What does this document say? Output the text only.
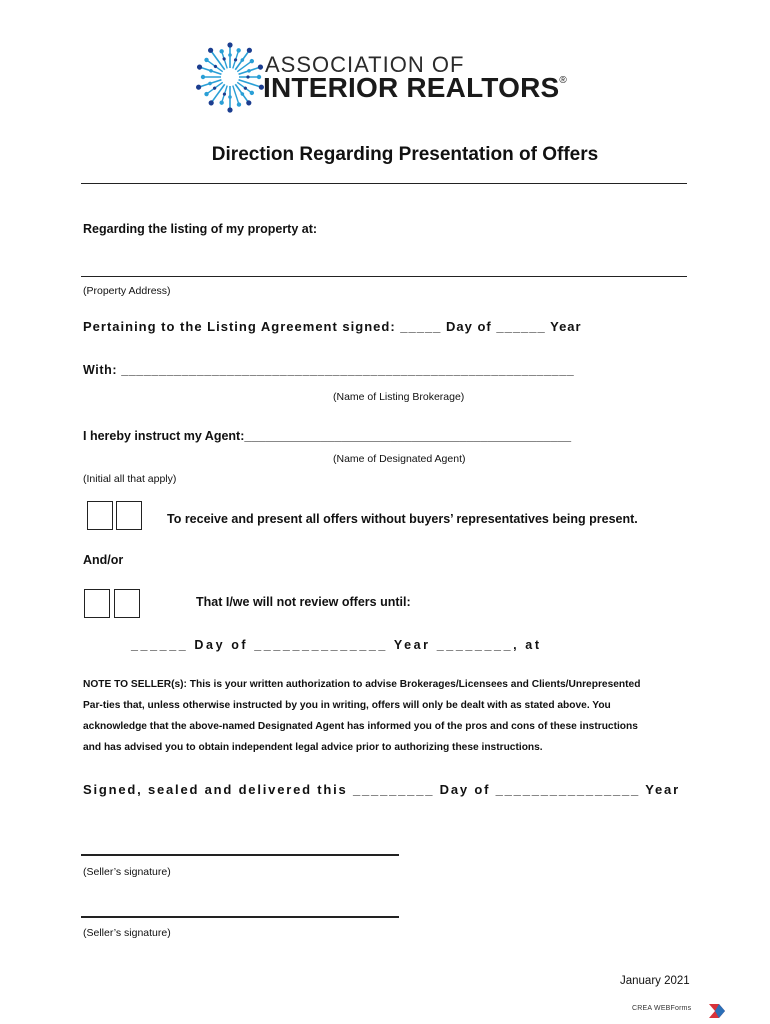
ASSOCIATION OF
INTERIOR REALTORS®
Direction Regarding Presentation of Offers
Regarding the listing of my property at:
(Property Address)
Pertaining to the Listing Agreement signed: _____ Day of ______ Year
With: ____________________________________________________________
(Name of Listing Brokerage)
I hereby instruct my Agent:_______________________________________________
(Name of Designated Agent)
(Initial all that apply)
To receive and present all offers without buyers’ representatives being present.
And/or
That I/we will not review offers until:
______ Day of ______________ Year ________, at
NOTE TO SELLER(s): This is your written authorization to advise Brokerages/Licensees and Clients/Unrepresented
Par-ties that, unless otherwise instructed by you in writing, offers will only be dealt with as stated above. You
acknowledge that the above-named Designated Agent has informed you of the pros and cons of these instructions
and has advised you to obtain independent legal advice prior to authorizing these instructions.
Signed, sealed and delivered this _________ Day of ________________ Year
(Seller’s signature)
(Seller’s signature)
January 2021
CREA WEBForms
